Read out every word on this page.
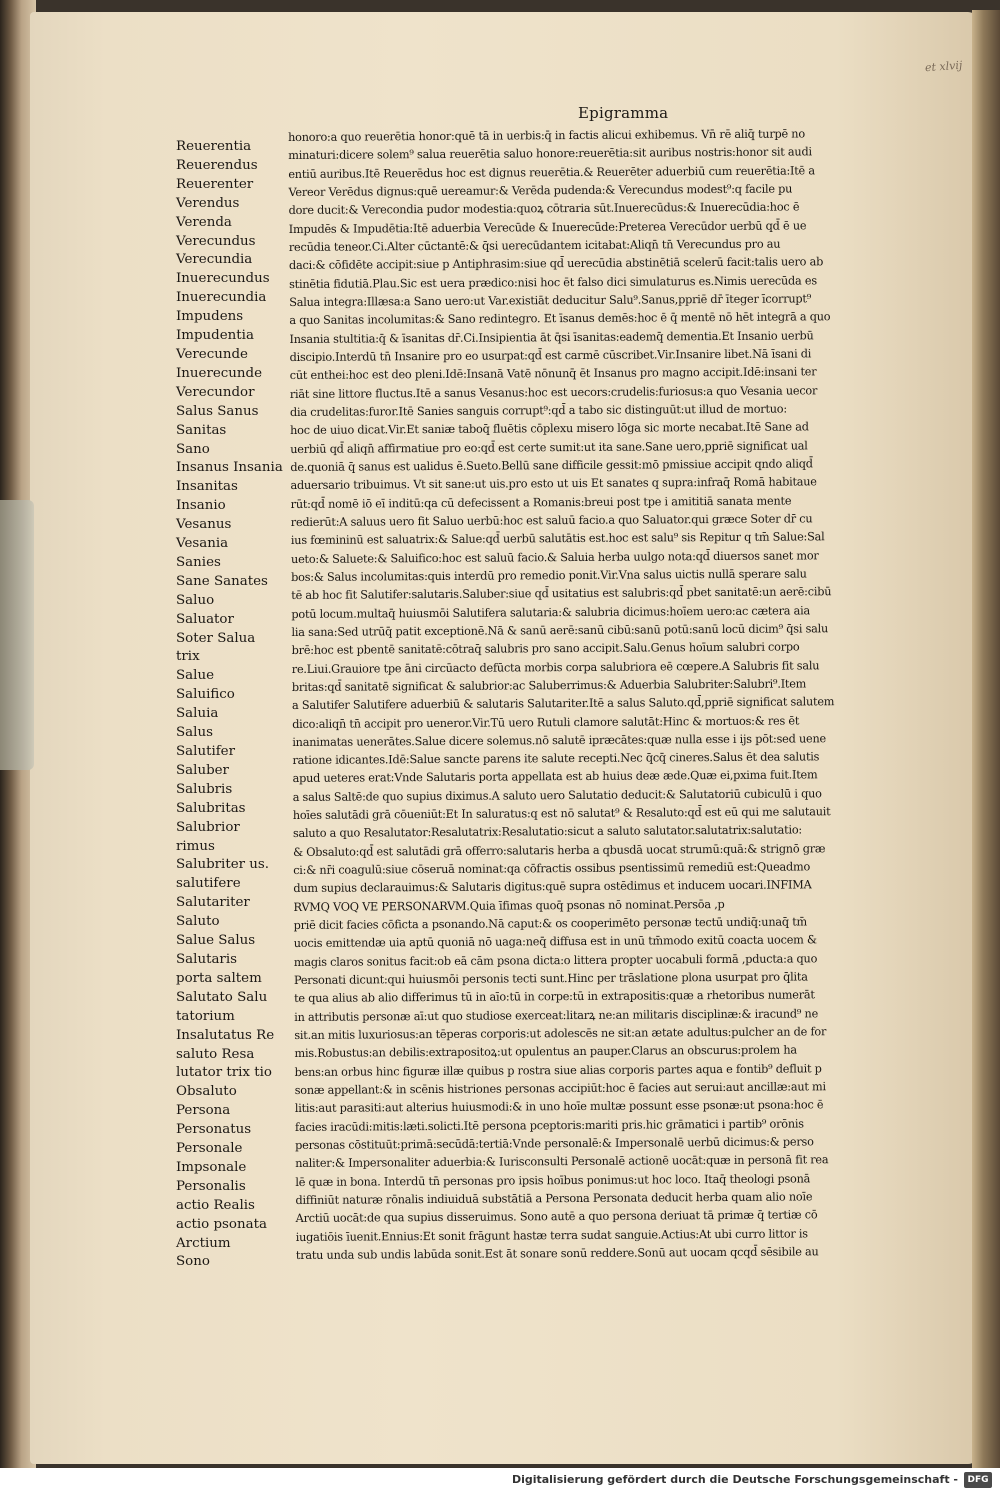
et xlvij
Epigramma
Reuerentia
Reuerendus
Reuerenter
Verendus
Verenda
Verecundus
Verecundia
Inuerecundus
Inuerecundia
Impudens
Impudentia
Verecunde
Inuerecunde
Verecundor
Salus Sanus
Sanitas
Sano
Insanus Insania
Insanitas
Insanio
Vesanus
Vesania
Sanies
Sane Sanates
Saluo
Saluator
Soter Salua
trix
Salue
Saluifico
Saluia
Salus
Salutifer
Saluber
Salubris
Salubritas
Salubrior
rimus
Salubriter us.
salutifere
Salutariter
Saluto
Salue Salus
Salutaris
porta saltem
Salutato Salu
tatorium
Insalutatus Re
saluto Resa
lutator trix tio
Obsaluto
Persona
Personatus
Personale
Impsonale
Personalis
actio Realis
actio psonata
Arctium
Sono
honoro:a quo reuerētia honor:quē tā in uerbis:q̄ in factis alicui exhibemus. Vn̄ rē aliq̄ turpē no
minaturi:dicere solem⁹ salua reuerētia saluo honore:reuerētia:sit auribus nostris:honor sit audi
entiū auribus.Itē Reuerēdus hoc est dignus reuerētia.& Reuerēter aduerbiū cum reuerētia:Itē a
Vereor Verēdus dignus:quē uereamur:& Verēda pudenda:& Verecundus modest⁹:q facile pu
dore ducit:& Verecondia pudor modestia:quoꝝ cōtraria sūt.Inuerecūdus:& Inuerecūdia:hoc ē
Impudēs & Impudētia:Itē aduerbia Verecūde & Inuerecūde:Preterea Verecūdor uerbū qd̄ ē ue
recūdia teneor.Ci.Alter cūctantē:& q̄si uerecūdantem icitabat:Aliqn̄ tn̄ Verecundus pro au
daci:& cōfidēte accipit:siue p Antiphrasim:siue qd̄ uerecūdia abstinētiā scelerū facit:talis uero ab
stinētia fidutiā.Plau.Sic est uera prædico:nisi hoc ēt falso dici simulaturus es.Nimis uerecūda es
Salua integra:Illæsa:a Sano uero:ut Var.existiāt deducitur Salu⁹.Sanus,ppriē dr̄ īteger īcorrupt⁹
a quo Sanitas incolumitas:& Sano redintegro. Et īsanus demēs:hoc ē q̄ mentē nō hēt integrā a quo
Insania stultitia:q̄ & īsanitas dr̄.Ci.Insipientia āt q̄si īsanitas:eademq̄ dementia.Et Insanio uerbū
discipio.Interdū tn̄ Insanire pro eo usurpat:qd̄ est carmē cūscribet.Vir.Insanire libet.Nā īsani di
cūt enthei:hoc est deo pleni.Idē:Insanā Vatē nōnunq̄ ēt Insanus pro magno accipit.Idē:insani ter
riāt sine littore fluctus.Itē a sanus Vesanus:hoc est uecors:crudelis:furiosus:a quo Vesania uecor
dia crudelitas:furor.Itē Sanies sanguis corrupt⁹:qd̄ a tabo sic distinguūt:ut illud de mortuo:
hoc de uiuo dicat.Vir.Et saniæ taboq̄ fluētis cōplexu misero lōga sic morte necabat.Itē Sane ad
uerbiū qd̄ aliqn̄ affirmatiue pro eo:qd̄ est certe sumit:ut ita sane.Sane uero,ppriē significat ual
de.quoniā q̄ sanus est ualidus ē.Sueto.Bellū sane difficile gessit:mō pmissiue accipit qndo aliqd̄
aduersario tribuimus. Vt sit sane:ut uis.pro esto ut uis Et sanates q supra:infraq̄ Romā habitaue
rūt:qd̄ nomē iō eī inditū:qa cū defecissent a Romanis:breui post tpe i amititiā sanata mente
redierūt:A saluus uero fit Saluo uerbū:hoc est saluū facio.a quo Saluator.qui græce Soter dr̄ cu
ius fœmininū est saluatrix:& Salue:qd̄ uerbū salutātis est.hoc est salu⁹ sis Repitur q tm̄ Salue:Sal
ueto:& Saluete:& Saluifico:hoc est saluū facio.& Saluia herba uulgo nota:qd̄ diuersos sanet mor
bos:& Salus incolumitas:quis interdū pro remedio ponit.Vir.Vna salus uictis nullā sperare salu
tē ab hoc fit Salutifer:salutaris.Saluber:siue qd̄ usitatius est salubris:qd̄ pbet sanitatē:un aerē:cibū
potū locum.multaq̄ huiusmōi Salutifera salutaria:& salubria dicimus:hoīem uero:ac cætera aia
lia sana:Sed utrūq̄ patit exceptionē.Nā & sanū aerē:sanū cibū:sanū potū:sanū locū dicim⁹ q̄si salu
brē:hoc est pbentē sanitatē:cōtraq̄ salubris pro sano accipit.Salu.Genus hoīum salubri corpo
re.Liui.Grauiore tpe āni circūacto defūcta morbis corpa salubriora eē cœpere.A Salubris fit salu
britas:qd̄ sanitatē significat & salubrior:ac Saluberrimus:& Aduerbia Salubriter:Salubri⁹.Item
a Salutifer Salutifere aduerbiū & salutaris Salutariter.Itē a salus Saluto.qd̄,ppriē significat salutem
dico:aliqn̄ tn̄ accipit pro ueneror.Vir.Tū uero Rutuli clamore salutāt:Hinc & mortuos:& res ēt
inanimatas uenerātes.Salue dicere solemus.nō salutē ipræcātes:quæ nulla esse i ijs pōt:sed uene
ratione idicantes.Idē:Salue sancte parens ite salute recepti.Nec q̄cq̄ cineres.Salus ēt dea salutis
apud ueteres erat:Vnde Salutaris porta appellata est ab huius deæ æde.Quæ ei,pxima fuit.Item
a salus Saltē:de quo supius diximus.A saluto uero Salutatio deducit:& Salutatoriū cubiculū i quo
hoīes salutādi grā cōueniūt:Et In saluratus:q est nō salutat⁹ & Resaluto:qd̄ est eū qui me salutauit
saluto a quo Resalutator:Resalutatrix:Resalutatio:sicut a saluto salutator.salutatrix:salutatio:
& Obsaluto:qd̄ est salutādi grā offerro:salutaris herba a qbusdā uocat strumū:quā:& strignō græ
ci:& nr̄i coagulū:siue cōseruā nominat:qa cōfractis ossibus psentissimū remediū est:Queadmo
dum supius declarauimus:& Salutaris digitus:quē supra ostēdimus et inducem uocari.INFIMA
RVMQ VOQ VE PERSONARVM.Quia īfimas quoq̄ psonas nō nominat.Persōa ,p
priē dicit facies cōficta a psonando.Nā caput:& os cooperimēto personæ tectū undiq̄:unaq̄ tm̄
uocis emittendæ uia aptū quoniā nō uaga:neq̄ diffusa est in unū tm̄modo exitū coacta uocem &
magis claros sonitus facit:ob eā cām psona dicta:o littera propter uocabuli formā ,pducta:a quo
Personati dicunt:qui huiusmōi personis tecti sunt.Hinc per trāslatione plona usurpat pro q̄lita
te qua alius ab alio differimus tū in aīo:tū in corpe:tū in extrapositis:quæ a rhetoribus numerāt
in attributis personæ aī:ut quo studiose exerceat:litarꝝ ne:an militaris disciplinæ:& iracund⁹ ne
sit.an mitis luxuriosus:an tēperas corporis:ut adolescēs ne sit:an ætate adultus:pulcher an de for
mis.Robustus:an debilis:extrapositoꝝ:ut opulentus an pauper.Clarus an obscurus:prolem ha
bens:an orbus hinc figuræ illæ quibus p rostra siue alias corporis partes aqua e fontib⁹ defluit p
sonæ appellant:& in scēnis histriones personas accipiūt:hoc ē facies aut serui:aut ancillæ:aut mi
litis:aut parasiti:aut alterius huiusmodi:& in uno hoīe multæ possunt esse psonæ:ut psona:hoc ē
facies iracūdi:mitis:læti.solicti.Itē persona pceptoris:mariti pris.hic grāmatici i partib⁹ orōnis
personas cōstituūt:primā:secūdā:tertiā:Vnde personalē:& Impersonalē uerbū dicimus:& perso
naliter:& Impersonaliter aduerbia:& Iurisconsulti Personalē actionē uocāt:quæ in personā fit rea
lē quæ in bona. Interdū tn̄ personas pro ipsis hoībus ponimus:ut hoc loco. Itaq̄ theologi psonā
diffiniūt naturæ rōnalis indiuiduā substātiā a Persona Personata deducit herba quam alio noīe
Arctiū uocāt:de qua supius disseruimus. Sono autē a quo persona deriuat tā primæ q̄ tertiæ cō
iugatiōis īuenit.Ennius:Et sonit frāgunt hastæ terra sudat sanguie.Actius:At ubi curro littor is
tratu unda sub undis labūda sonit.Est āt sonare sonū reddere.Sonū aut uocam qcqd̄ sēsibile au
Digitalisierung gefördert durch die Deutsche Forschungsgemeinschaft -	DFG
